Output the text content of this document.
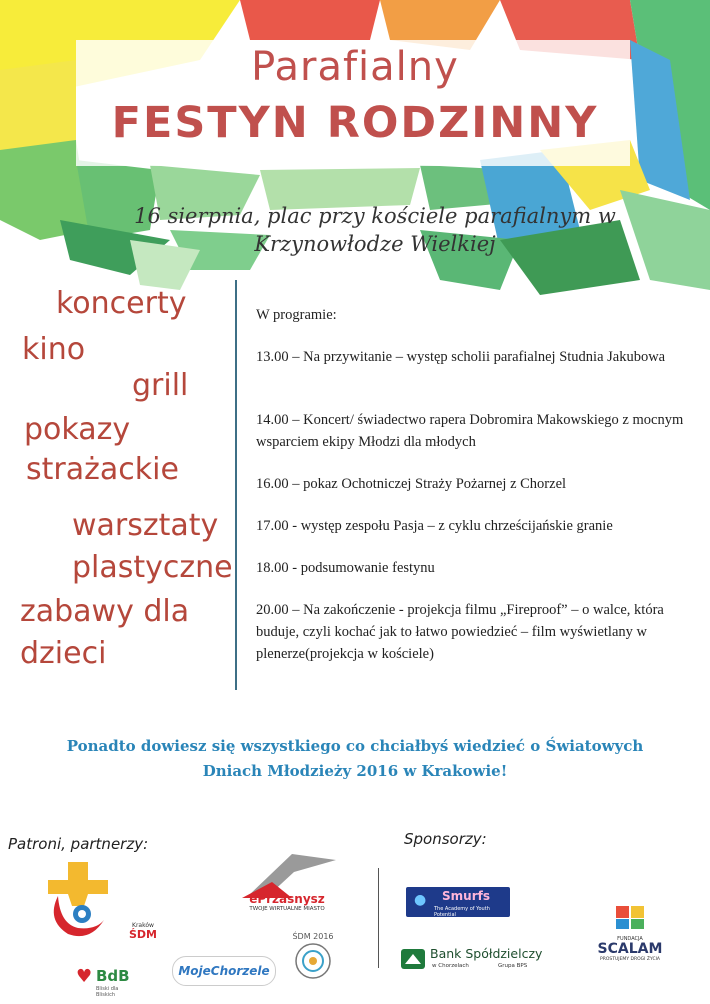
Parafialny
FESTYN RODZINNY
16 sierpnia, plac przy kościele parafialnym w
Krzynowłodze Wielkiej
koncerty
kino
grill
pokazy
strażackie
warsztaty
plastyczne
zabawy dla
dzieci
W programie:
13.00 – Na przywitanie – występ scholii parafialnej Studnia Jakubowa
14.00 – Koncert/ świadectwo rapera Dobromira Makowskiego z mocnym wsparciem ekipy Młodzi dla młodych
16.00 – pokaz Ochotniczej Straży Pożarnej z Chorzel
17.00 - występ zespołu Pasja – z cyklu chrześcijańskie granie
18.00 - podsumowanie festynu
20.00 – Na zakończenie - projekcja filmu „Fireproof” – o walce, która buduje, czyli kochać jak to łatwo powiedzieć – film wyświetlany w plenerze(projekcja w kościele)
Ponadto dowiesz się wszystkiego co chciałbyś wiedzieć o Światowych
Dniach Młodzieży 2016 w Krakowie!
Patroni, partnerzy:	Sponsorzy:
Kraków
ŚDM
ePrzasnysz
TWOJE WIRTUALNE MIASTO
♥ BdB
Bliski dla Bliskich
MojeChorzele
ŚDM 2016
Smurfs
The Academy of Youth Potential
●
Bank Spółdzielczy
w Chorzelach	Grupa BPS
FUNDACJA
SCALAM
PROSTUJEMY DROGI ŻYCIA
